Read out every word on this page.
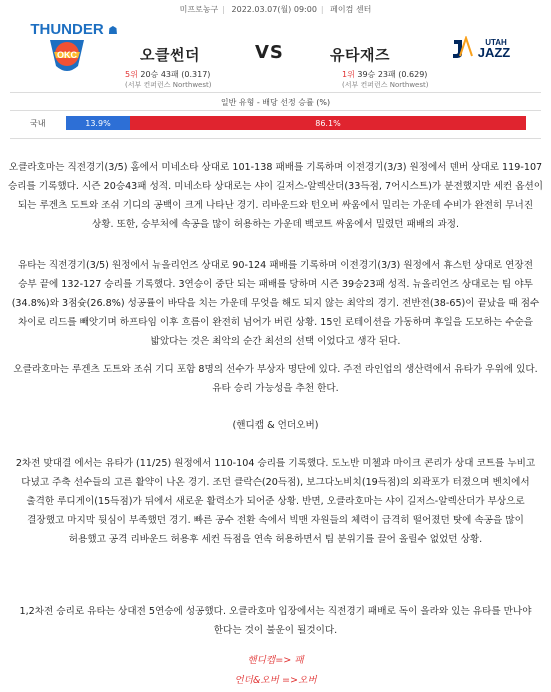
미프로농구 | 2022.03.07(월) 09:00 | 페이컴 센터
THUNDER
OKC
☗
오클썬더	VS	유타재즈
5위 20승 43패 (0.317)
(서부 컨퍼런스 Northwest)
1위 39승 23패 (0.629)
(서부 컨퍼런스 Northwest)
UTAH
JAZZ
일반 유형 - 배당 선정 승률 (%)
국내	13.9%	86.1%
오클라호마는 직전경기(3/5) 홈에서 미네소타 상대로 101-138 패배를 기록하며 이전경기(3/3) 원정에서 덴버 상대로 119-107 승리를 기록했다. 시즌 20승43패 성적. 미네소타 상대로는 샤이 길저스-알렉산더(33득점, 7어시스트)가 분전했지만 세컨 옵션이 되는 루겐츠 도트와 조쉬 기디의 공백이 크게 나타난 경기. 리바운드와 턴오버 싸움에서 밀리는 가운데 수비가 완전히 무너진 상황. 또한, 승부처에 속공을 많이 허용하는 가운데 백코트 싸움에서 밀렸던 패배의 과정.
유타는 직전경기(3/5) 원정에서 뉴올리언즈 상대로 90-124 패배를 기록하며 이전경기(3/3) 원정에서 휴스턴 상대로 연장전 승부 끝에 132-127 승리를 기록했다. 3연승이 중단 되는 패배를 당하며 시즌 39승23패 성적. 뉴올리언즈 상대로는 팀 야투(34.8%)와 3점슛(26.8%) 성공률이 바닥을 치는 가운데 무엇을 해도 되지 않는 최악의 경기. 전반전(38-65)이 끝났을 때 점수 차이로 리드를 빼앗기며 하프타임 이후 흐름이 완전히 넘어가 버린 상황. 15인 로테이션을 가동하며 후일을 도모하는 수순을 밟았다는 것은 최악의 순간 최선의 선택 이었다고 생각 된다.
오클라호마는 루겐츠 도트와 조쉬 기디 포함 8명의 선수가 부상자 명단에 있다. 주전 라인업의 생산력에서 유타가 우위에 있다. 유타 승리 가능성을 추천 한다.
(핸디캡 & 언더오버)
2차전 맞대결 에서는 유타가 (11/25) 원정에서 110-104 승리를 기록했다. 도노반 미첼과 마이크 콘리가 상대 코트를 누비고 다녔고 주축 선수들의 고른 활약이 나온 경기. 조던 클락슨(20득점), 보그다노비치(19득점)의 외곽포가 터졌으며 벤치에서 출격한 루디게이(15득점)가 뒤에서 새로운 활력소가 되어준 상황. 반면, 오클라호마는 샤이 길저스-알렉산더가 부상으로 결장했고 마지막 뒷심이 부족했던 경기. 빠른 공수 전환 속에서 빅맨 자원들의 체력이 급격히 떨어졌던 탓에 속공을 많이 허용했고 공격 리바운드 허용후 세컨 득점을 연속 허용하면서 팀 분위기를 끌어 올릴수 없었던 상황.
1,2차전 승리로 유타는 상대전 5연승에 성공했다. 오클라호마 입장에서는 직전경기 패배로 독이 올라와 있는 유타를 만나야 한다는 것이 불운이 될것이다.
핸디캡=> 패
언더&오버 =>오버
